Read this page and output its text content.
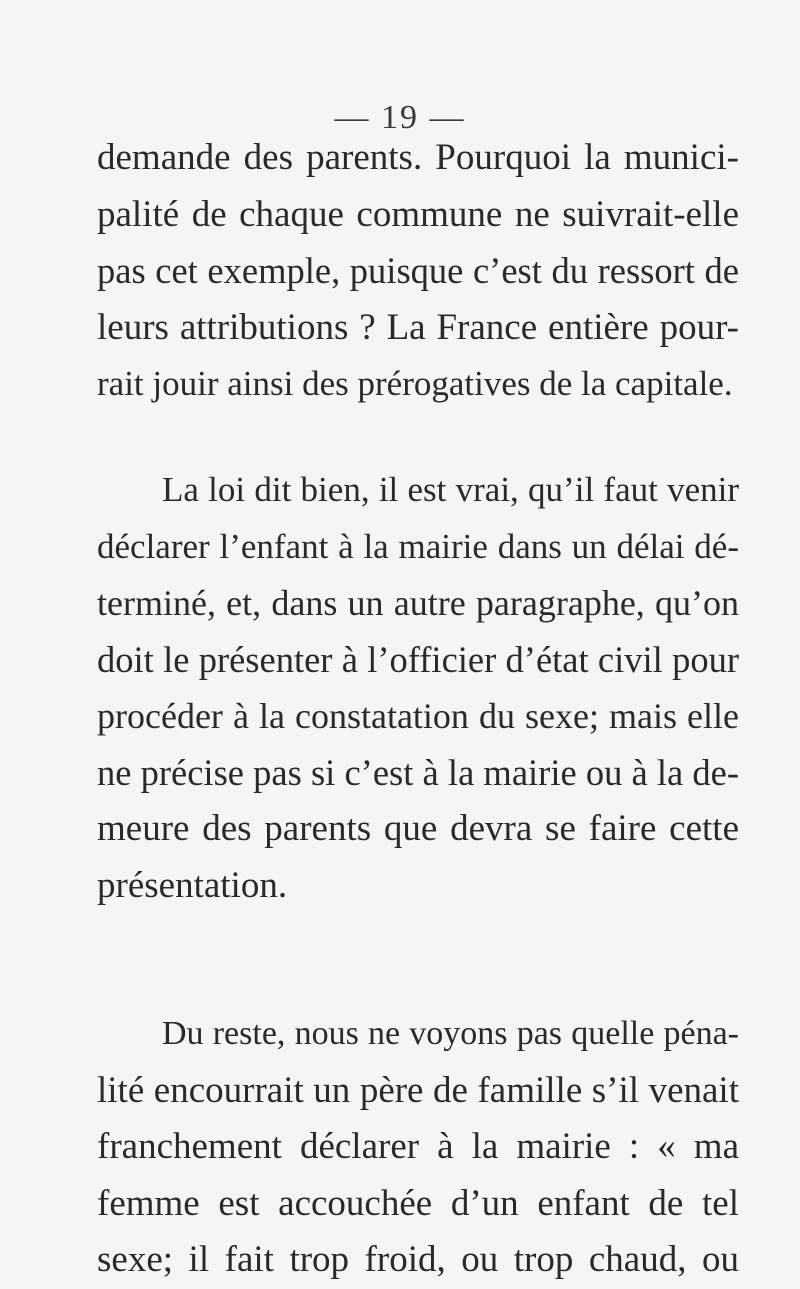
— 19 —
demande des parents. Pourquoi la munici-
palité de chaque commune ne suivrait-elle
pas cet exemple, puisque c’est du ressort de
leurs attributions ? La France entière pour-
rait jouir ainsi des prérogatives de la capitale.
La loi dit bien, il est vrai, qu’il faut venir
déclarer l’enfant à la mairie dans un délai dé-
terminé, et, dans un autre paragraphe, qu’on
doit le présenter à l’officier d’état civil pour
procéder à la constatation du sexe; mais elle
ne précise pas si c’est à la mairie ou à la de-
meure des parents que devra se faire cette
présentation.
Du reste, nous ne voyons pas quelle péna-
lité encourrait un père de famille s’il venait
franchement déclarer à la mairie : « ma
femme est accouchée d’un enfant de tel
sexe; il fait trop froid, ou trop chaud, ou
